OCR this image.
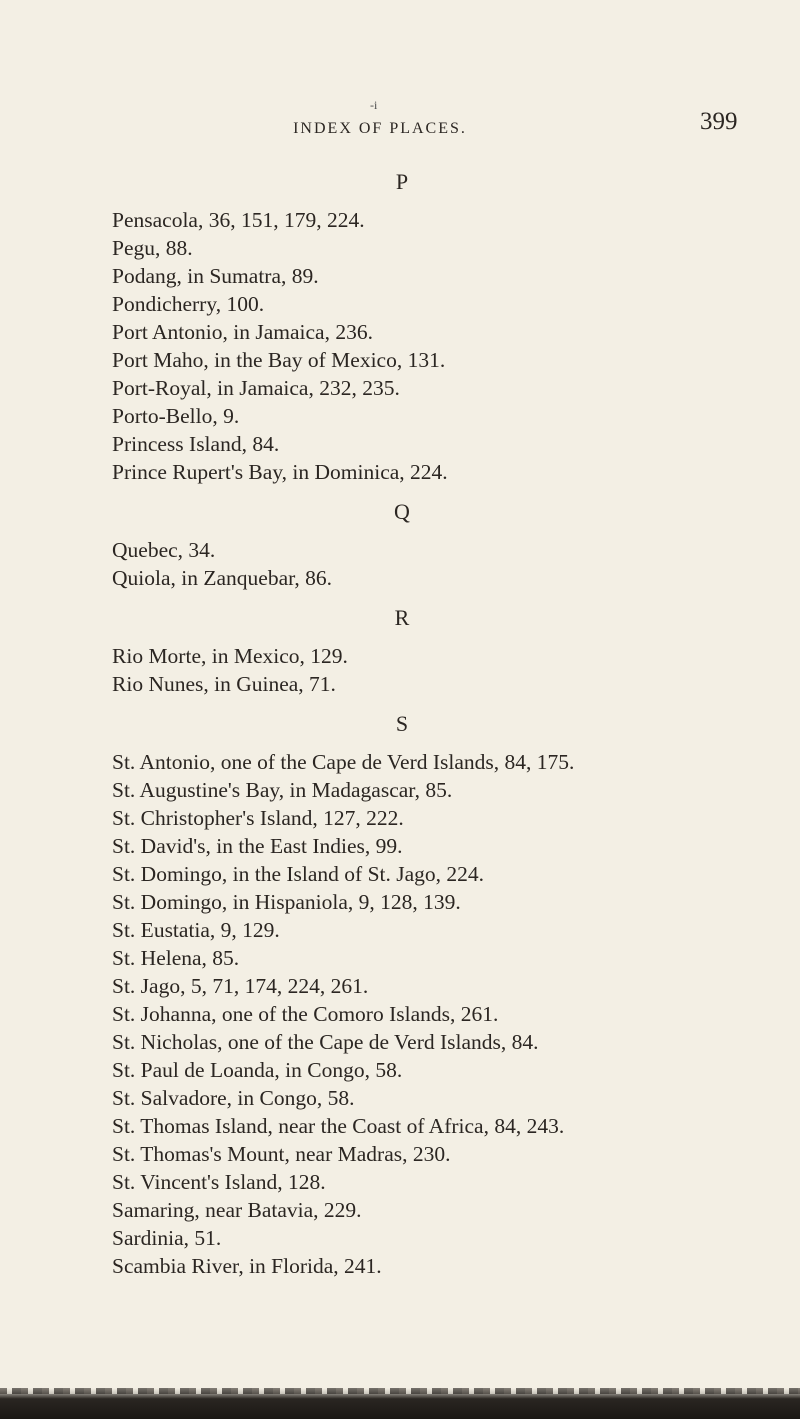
-i
INDEX OF PLACES.	399
P

Pensacola, 36, 151, 179, 224.

Pegu, 88.

Podang, in Sumatra, 89.

Pondicherry, 100.

Port Antonio, in Jamaica, 236.

Port Maho, in the Bay of Mexico, 131.

Port-Royal, in Jamaica, 232, 235.

Porto-Bello, 9.

Princess Island, 84.

Prince Rupert's Bay, in Dominica, 224.

Q

Quebec, 34.

Quiola, in Zanquebar, 86.

R

Rio Morte, in Mexico, 129.

Rio Nunes, in Guinea, 71.

S

St. Antonio, one of the Cape de Verd Islands, 84, 175.

St. Augustine's Bay, in Madagascar, 85.

St. Christopher's Island, 127, 222.

St. David's, in the East Indies, 99.

St. Domingo, in the Island of St. Jago, 224.

St. Domingo, in Hispaniola, 9, 128, 139.

St. Eustatia, 9, 129.

St. Helena, 85.

St. Jago, 5, 71, 174, 224, 261.

St. Johanna, one of the Comoro Islands, 261.

St. Nicholas, one of the Cape de Verd Islands, 84.

St. Paul de Loanda, in Congo, 58.

St. Salvadore, in Congo, 58.

St. Thomas Island, near the Coast of Africa, 84, 243.

St. Thomas's Mount, near Madras, 230.

St. Vincent's Island, 128.

Samaring, near Batavia, 229.

Sardinia, 51.

Scambia River, in Florida, 241.
